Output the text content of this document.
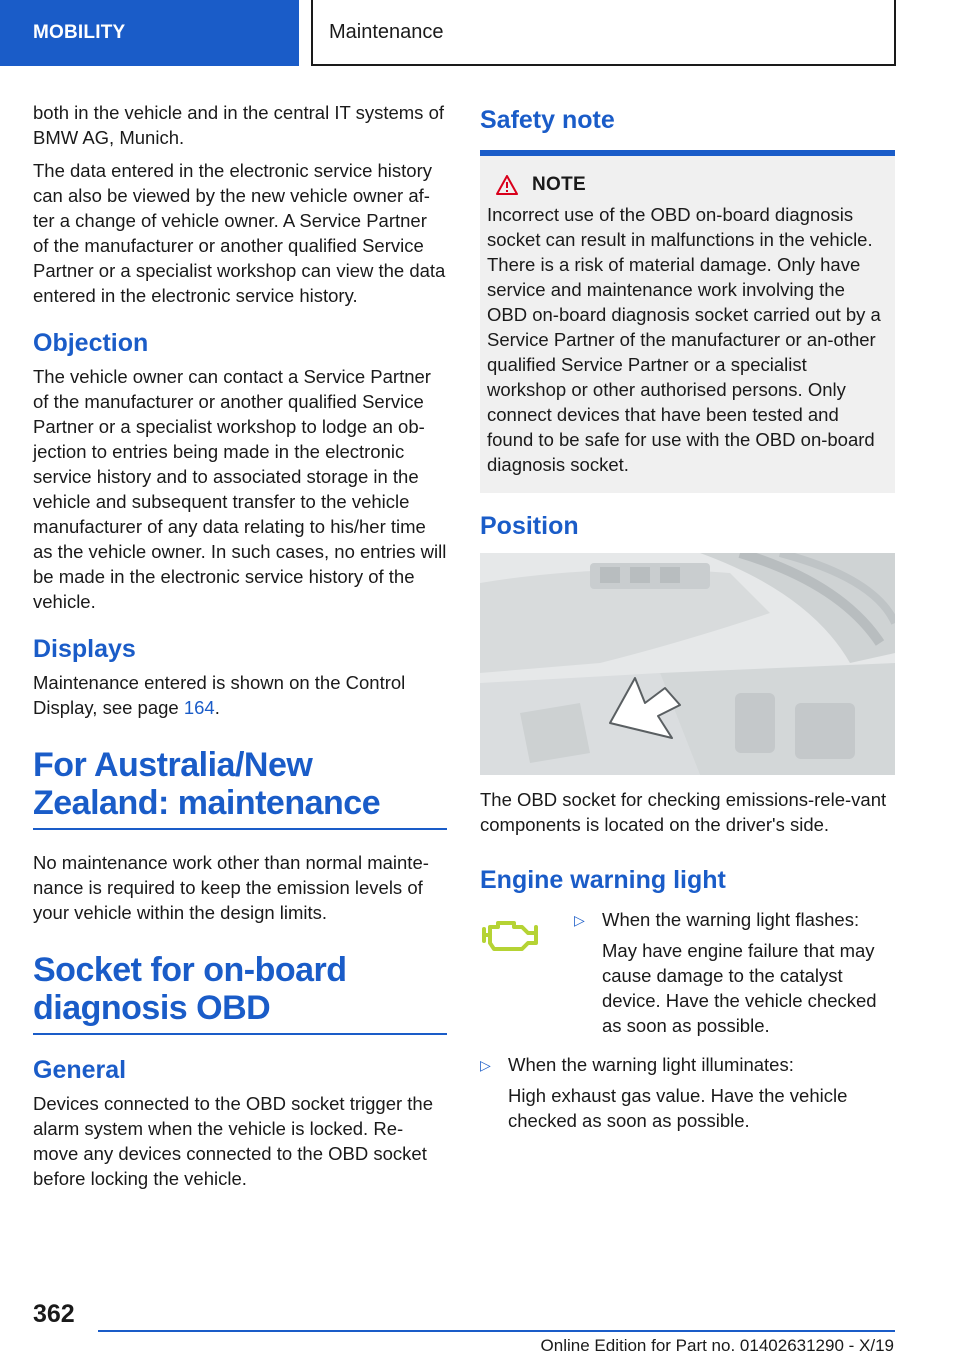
MOBILITY	Maintenance

both in the vehicle and in the central IT systems of BMW AG, Munich.

The data entered in the electronic service history can also be viewed by the new vehicle owner af‐ter a change of vehicle owner. A Service Partner of the manufacturer or another qualified Service Partner or a specialist workshop can view the data entered in the electronic service history.

Objection

The vehicle owner can contact a Service Partner of the manufacturer or another qualified Service Partner or a specialist workshop to lodge an ob‐jection to entries being made in the electronic service history and to associated storage in the vehicle and subsequent transfer to the vehicle manufacturer of any data relating to his/her time as the vehicle owner. In such cases, no entries will be made in the electronic service history of the vehicle.

Displays

Maintenance entered is shown on the Control Display, see page 164.

For Australia/New Zealand: maintenance

No maintenance work other than normal mainte‐nance is required to keep the emission levels of your vehicle within the design limits.

Socket for on-board diagnosis OBD
General

Devices connected to the OBD socket trigger the alarm system when the vehicle is locked. Re‐move any devices connected to the OBD socket before locking the vehicle.

Safety note
NOTE

Incorrect use of the OBD on-board diagnosis socket can result in malfunctions in the vehicle. There is a risk of material damage. Only have service and maintenance work involving the OBD on-board diagnosis socket carried out by a Service Partner of the manufacturer or an‐other qualified Service Partner or a specialist workshop or other authorised persons. Only connect devices that have been tested and found to be safe for use with the OBD on‐board diagnosis socket.

Position

The OBD socket for checking emissions-rele‐vant components is located on the driver's side.

Engine warning light
▷ When the warning light flashes:

May have engine failure that may cause damage to the catalyst device. Have the vehicle checked as soon as possible.

▷ When the warning light illuminates:

High exhaust gas value. Have the vehicle checked as soon as possible.

362
Online Edition for Part no. 01402631290 - X/19
